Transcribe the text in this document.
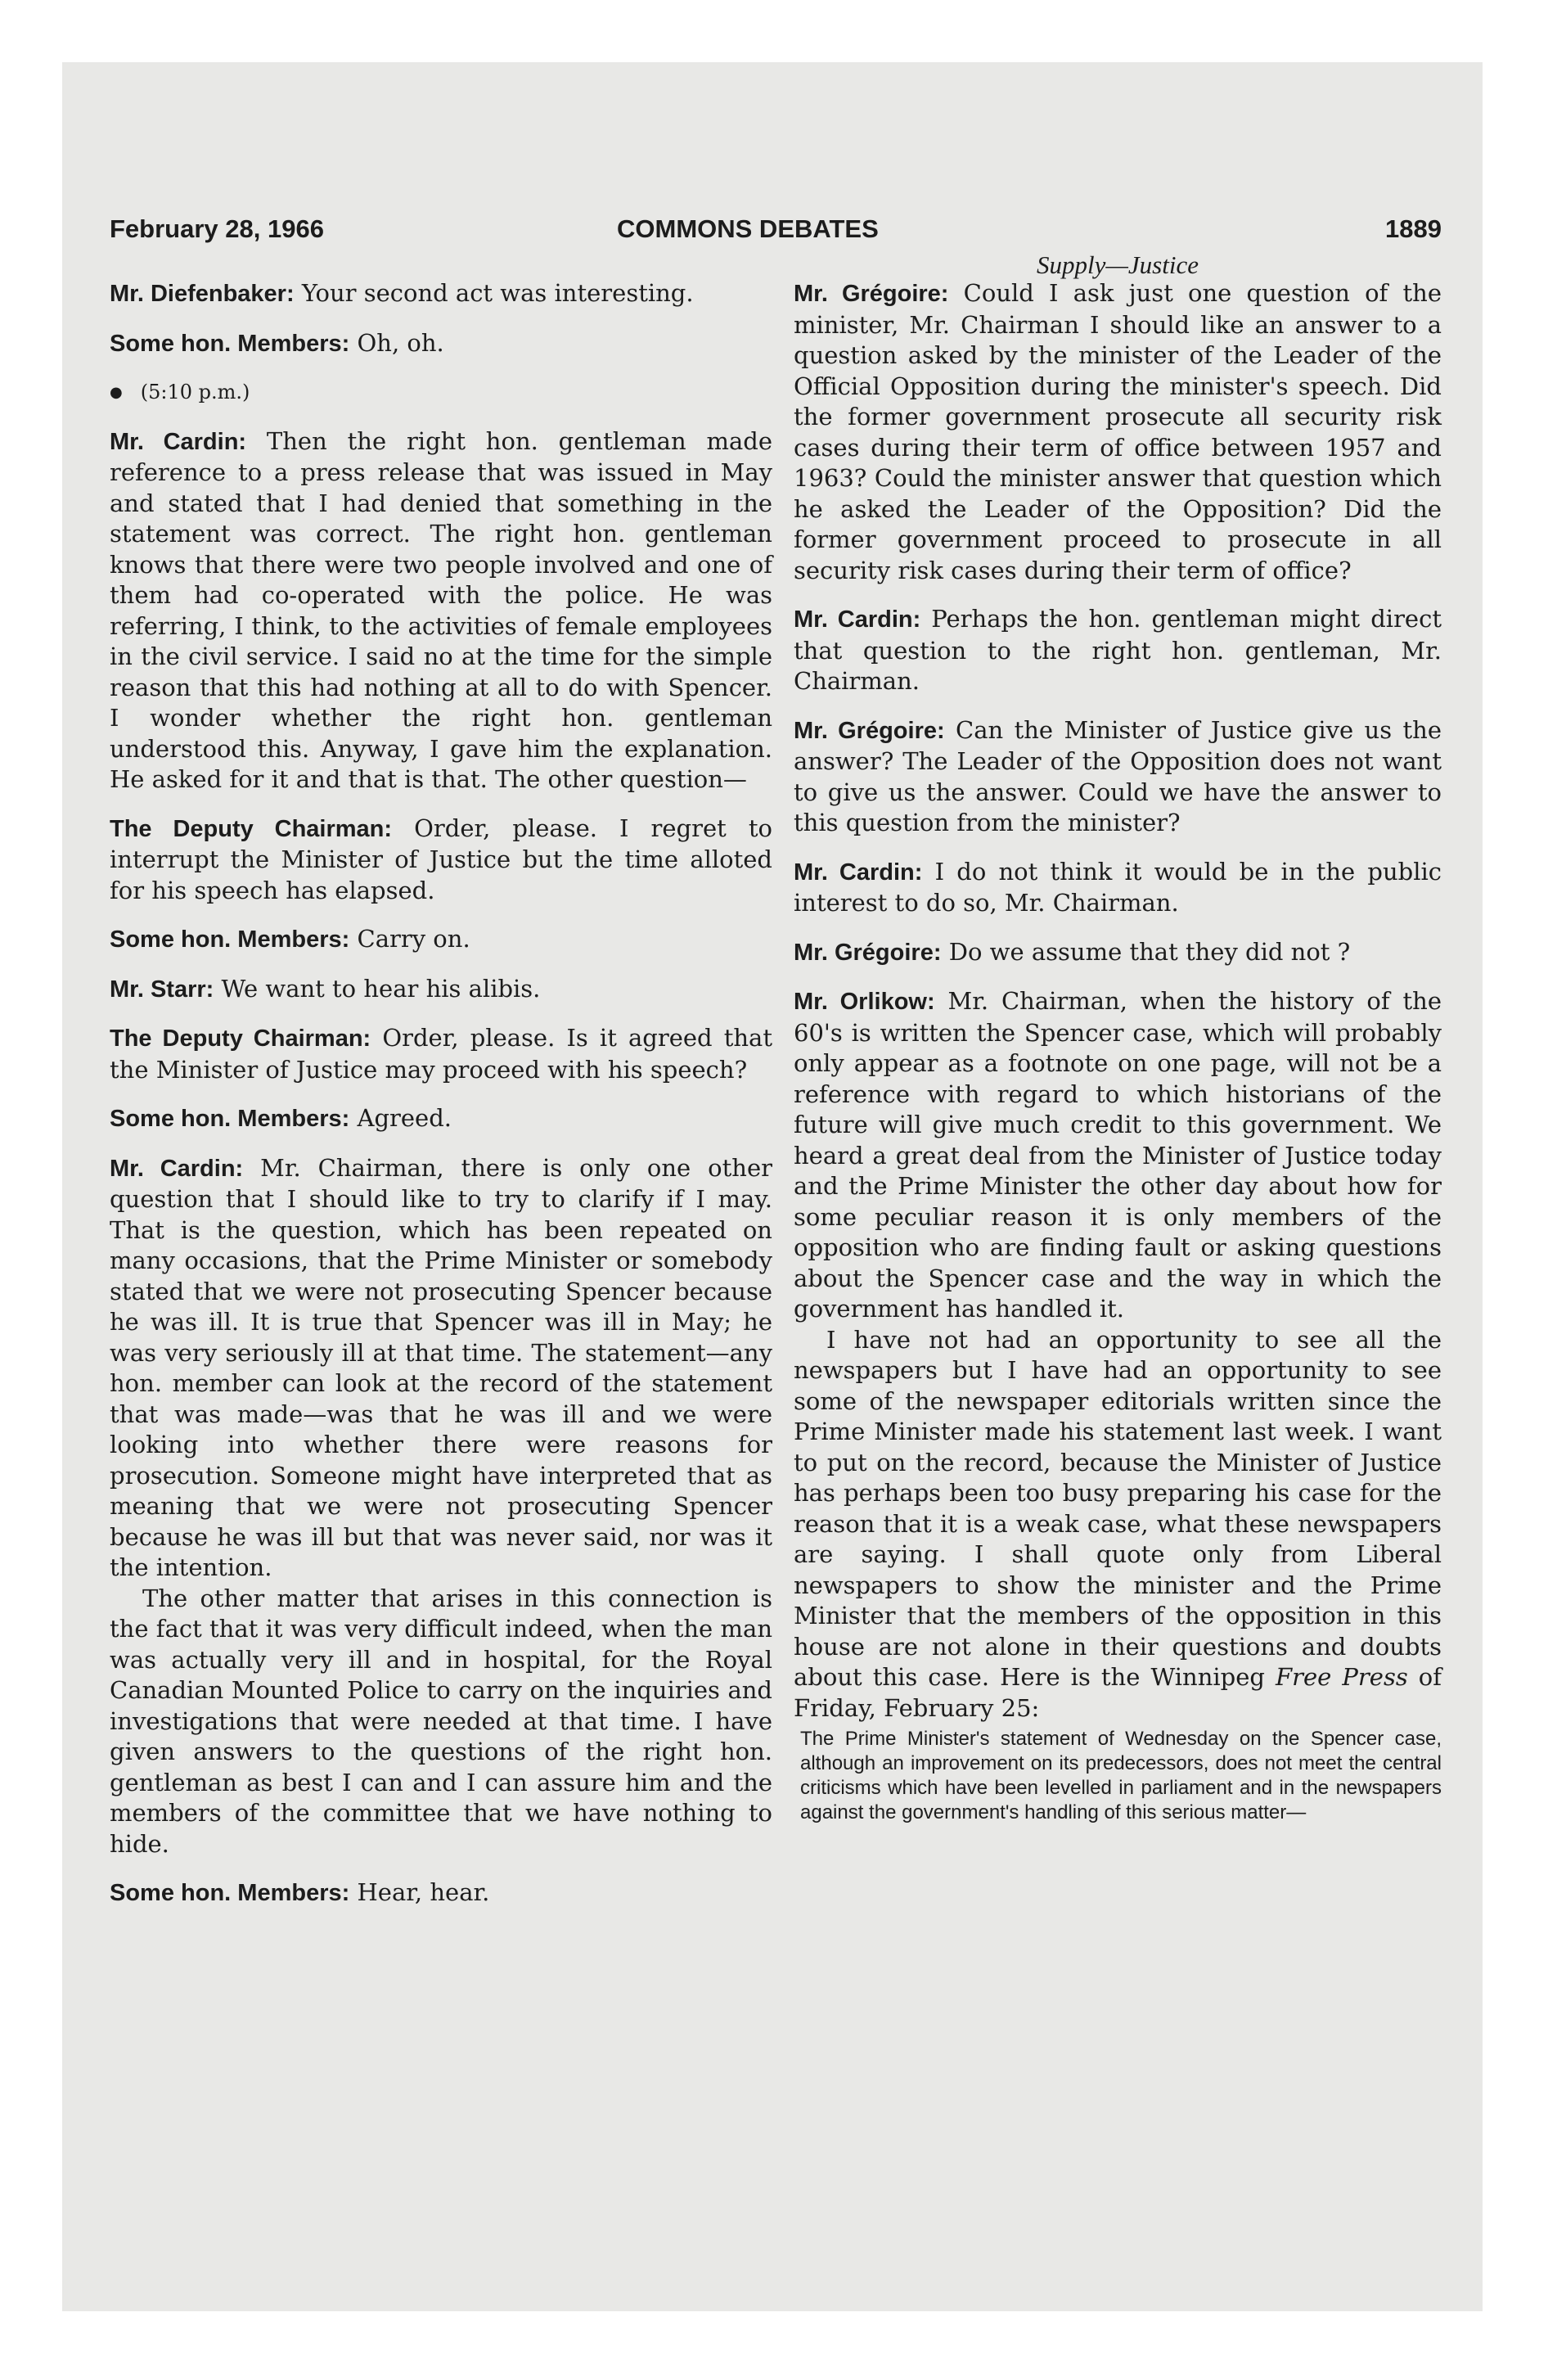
February 28, 1966	COMMONS DEBATES	1889
Supply—Justice

Mr. Diefenbaker: Your second act was interesting.

Some hon. Members: Oh, oh.

● (5:10 p.m.)

Mr. Cardin: Then the right hon. gentleman made reference to a press release that was issued in May and stated that I had denied that something in the statement was correct. The right hon. gentleman knows that there were two people involved and one of them had co-operated with the police. He was referring, I think, to the activities of female employees in the civil service. I said no at the time for the simple reason that this had nothing at all to do with Spencer. I wonder whether the right hon. gentleman understood this. Anyway, I gave him the explanation. He asked for it and that is that. The other question—

The Deputy Chairman: Order, please. I regret to interrupt the Minister of Justice but the time alloted for his speech has elapsed.

Some hon. Members: Carry on.

Mr. Starr: We want to hear his alibis.

The Deputy Chairman: Order, please. Is it agreed that the Minister of Justice may proceed with his speech?

Some hon. Members: Agreed.

Mr. Cardin: Mr. Chairman, there is only one other question that I should like to try to clarify if I may. That is the question, which has been repeated on many occasions, that the Prime Minister or somebody stated that we were not prosecuting Spencer because he was ill. It is true that Spencer was ill in May; he was very seriously ill at that time. The statement—any hon. member can look at the record of the statement that was made—was that he was ill and we were looking into whether there were reasons for prosecution. Someone might have interpreted that as meaning that we were not prosecuting Spencer because he was ill but that was never said, nor was it the intention.

The other matter that arises in this connection is the fact that it was very difficult indeed, when the man was actually very ill and in hospital, for the Royal Canadian Mounted Police to carry on the inquiries and investigations that were needed at that time. I have given answers to the questions of the right hon. gentleman as best I can and I can assure him and the members of the committee that we have nothing to hide.

Some hon. Members: Hear, hear.

Mr. Grégoire: Could I ask just one question of the minister, Mr. Chairman I should like an answer to a question asked by the minister of the Leader of the Official Opposition during the minister's speech. Did the former government prosecute all security risk cases during their term of office between 1957 and 1963? Could the minister answer that question which he asked the Leader of the Opposition? Did the former government proceed to prosecute in all security risk cases during their term of office?

Mr. Cardin: Perhaps the hon. gentleman might direct that question to the right hon. gentleman, Mr. Chairman.

Mr. Grégoire: Can the Minister of Justice give us the answer? The Leader of the Opposition does not want to give us the answer. Could we have the answer to this question from the minister?

Mr. Cardin: I do not think it would be in the public interest to do so, Mr. Chairman.

Mr. Grégoire: Do we assume that they did not ?

Mr. Orlikow: Mr. Chairman, when the history of the 60's is written the Spencer case, which will probably only appear as a footnote on one page, will not be a reference with regard to which historians of the future will give much credit to this government. We heard a great deal from the Minister of Justice today and the Prime Minister the other day about how for some peculiar reason it is only members of the opposition who are finding fault or asking questions about the Spencer case and the way in which the government has handled it.

I have not had an opportunity to see all the newspapers but I have had an opportunity to see some of the newspaper editorials written since the Prime Minister made his statement last week. I want to put on the record, because the Minister of Justice has perhaps been too busy preparing his case for the reason that it is a weak case, what these newspapers are saying. I shall quote only from Liberal newspapers to show the minister and the Prime Minister that the members of the opposition in this house are not alone in their questions and doubts about this case. Here is the Winnipeg Free Press of Friday, February 25:

The Prime Minister's statement of Wednesday on the Spencer case, although an improvement on its predecessors, does not meet the central criticisms which have been levelled in parliament and in the newspapers against the government's handling of this serious matter—
